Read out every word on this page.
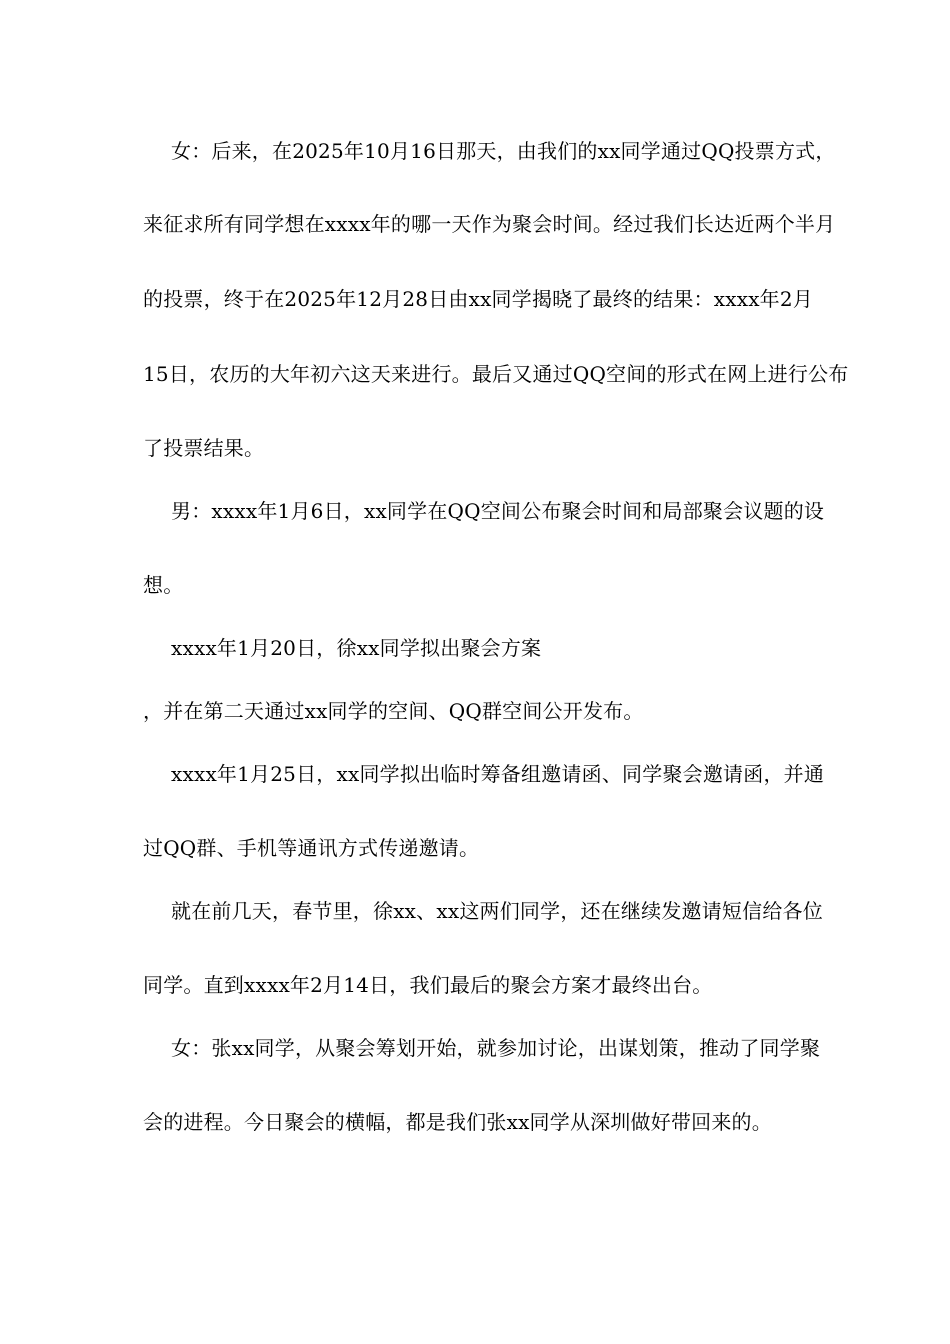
女：后来，在2025年10月16日那天，由我们的xx同学通过QQ投票方式，
来征求所有同学想在xxxx年的哪一天作为聚会时间。经过我们长达近两个半月
的投票，终于在2025年12月28日由xx同学揭晓了最终的结果：xxxx年2月
15日，农历的大年初六这天来进行。最后又通过QQ空间的形式在网上进行公布
了投票结果。
男：xxxx年1月6日，xx同学在QQ空间公布聚会时间和局部聚会议题的设
想。
xxxx年1月20日，徐xx同学拟出聚会方案
，并在第二天通过xx同学的空间、QQ群空间公开发布。
xxxx年1月25日，xx同学拟出临时筹备组邀请函、同学聚会邀请函，并通
过QQ群、手机等通讯方式传递邀请。
就在前几天，春节里，徐xx、xx这两们同学，还在继续发邀请短信给各位
同学。直到xxxx年2月14日，我们最后的聚会方案才最终出台。
女：张xx同学，从聚会筹划开始，就参加讨论，出谋划策，推动了同学聚
会的进程。今日聚会的横幅，都是我们张xx同学从深圳做好带回来的。
